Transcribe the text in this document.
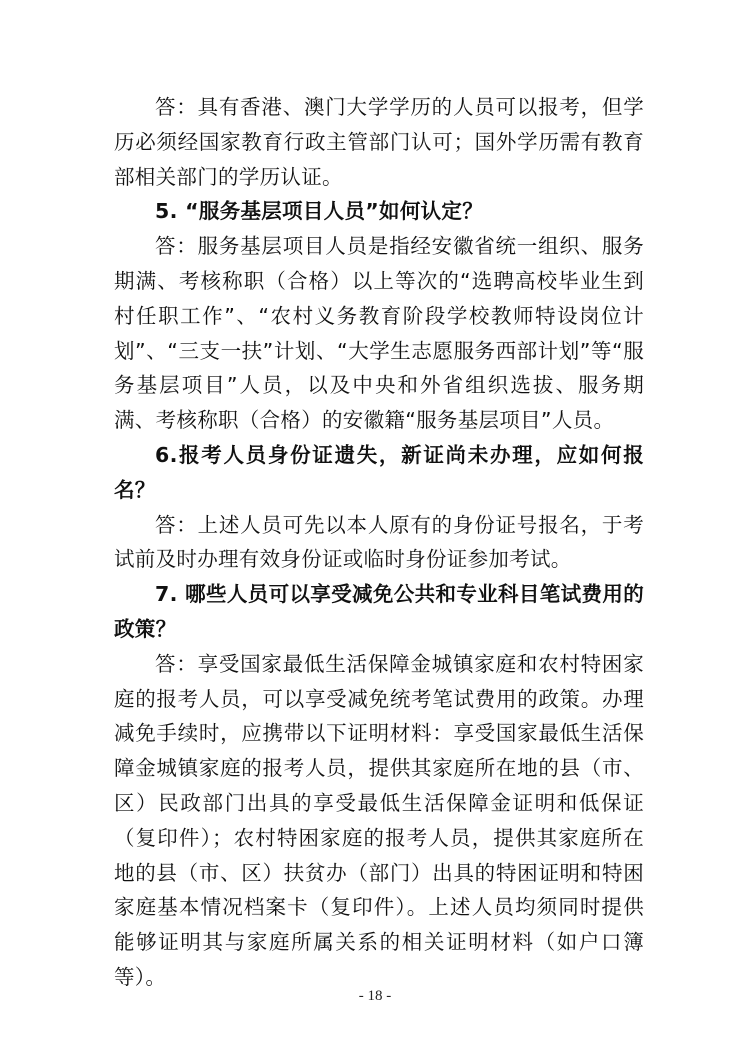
答：具有香港、澳门大学学历的人员可以报考，但学历必须经国家教育行政主管部门认可；国外学历需有教育部相关部门的学历认证。

5. “服务基层项目人员”如何认定？

答：服务基层项目人员是指经安徽省统一组织、服务期满、考核称职（合格）以上等次的“选聘高校毕业生到村任职工作”、“农村义务教育阶段学校教师特设岗位计划”、“三支一扶”计划、“大学生志愿服务西部计划”等“服务基层项目”人员，以及中央和外省组织选拔、服务期满、考核称职（合格）的安徽籍“服务基层项目”人员。

6.报考人员身份证遗失，新证尚未办理，应如何报名？

答：上述人员可先以本人原有的身份证号报名，于考试前及时办理有效身份证或临时身份证参加考试。

7. 哪些人员可以享受减免公共和专业科目笔试费用的政策？

答：享受国家最低生活保障金城镇家庭和农村特困家庭的报考人员，可以享受减免统考笔试费用的政策。办理减免手续时，应携带以下证明材料：享受国家最低生活保障金城镇家庭的报考人员，提供其家庭所在地的县（市、区）民政部门出具的享受最低生活保障金证明和低保证（复印件）；农村特困家庭的报考人员，提供其家庭所在地的县（市、区）扶贫办（部门）出具的特困证明和特困家庭基本情况档案卡（复印件）。上述人员均须同时提供能够证明其与家庭所属关系的相关证明材料（如户口簿等）。

- 18 -
